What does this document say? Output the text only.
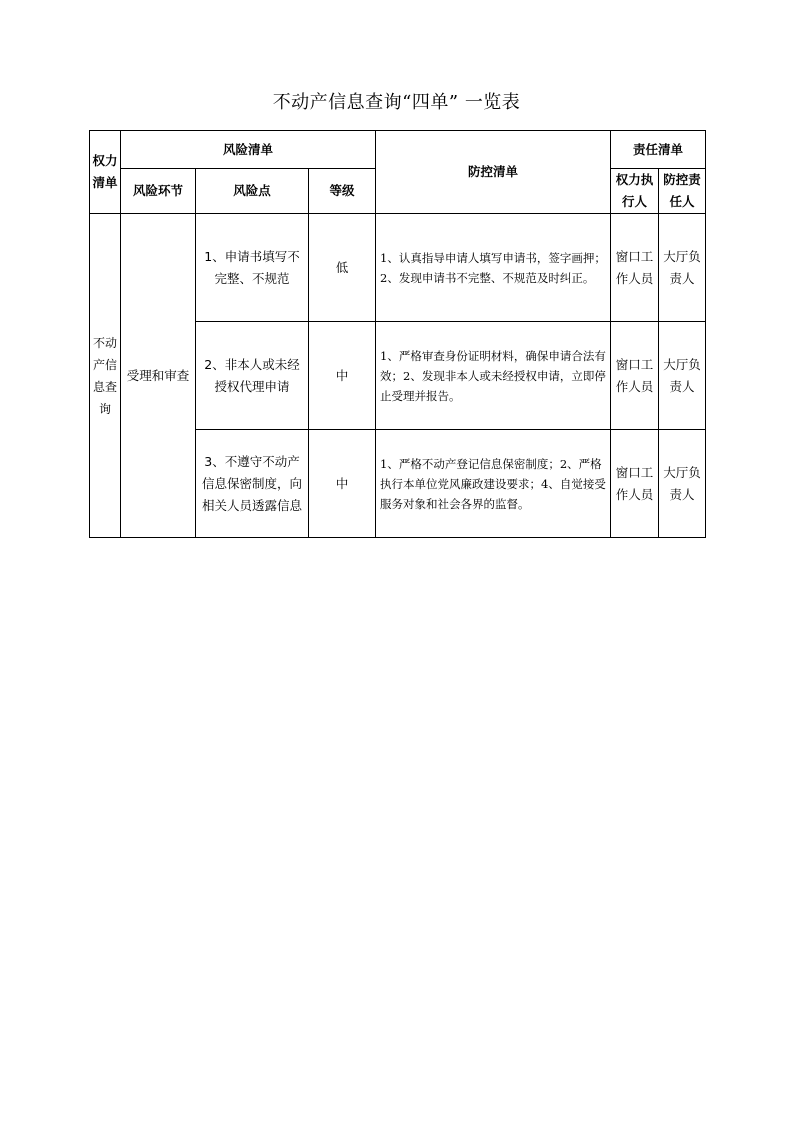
不动产信息查询“四单” 一览表
权力清单	风险清单			防控清单	责任清单	
	风险环节	风险点	等级		权力执行人	防控责任人
不动产信息查询	受理和审查	1、申请书填写不完整、不规范	低	1、认真指导申请人填写申请书，签字画押；2、发现申请书不完整、不规范及时纠正。	窗口工作人员	大厅负责人
		2、非本人或未经授权代理申请	中	1、严格审查身份证明材料，确保申请合法有效；2、发现非本人或未经授权申请，立即停止受理并报告。	窗口工作人员	大厅负责人
		3、不遵守不动产信息保密制度，向相关人员透露信息	中	1、严格不动产登记信息保密制度；2、严格执行本单位党风廉政建设要求；4、自觉接受服务对象和社会各界的监督。	窗口工作人员	大厅负责人
